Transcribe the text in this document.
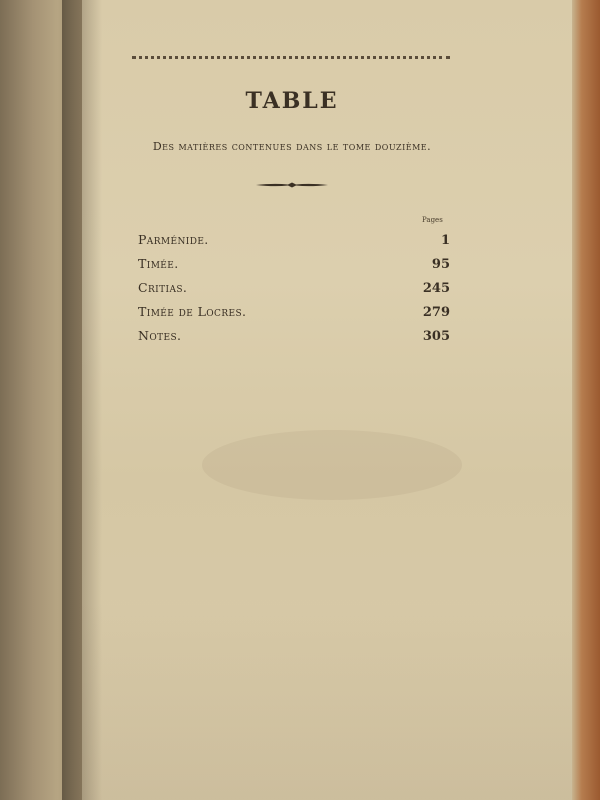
TABLE
Des matières contenues dans le tome douzième.
Pages
Parménide.	1
Timée.	95
Critias.	245
Timée de Locres.	279
Notes.	305
